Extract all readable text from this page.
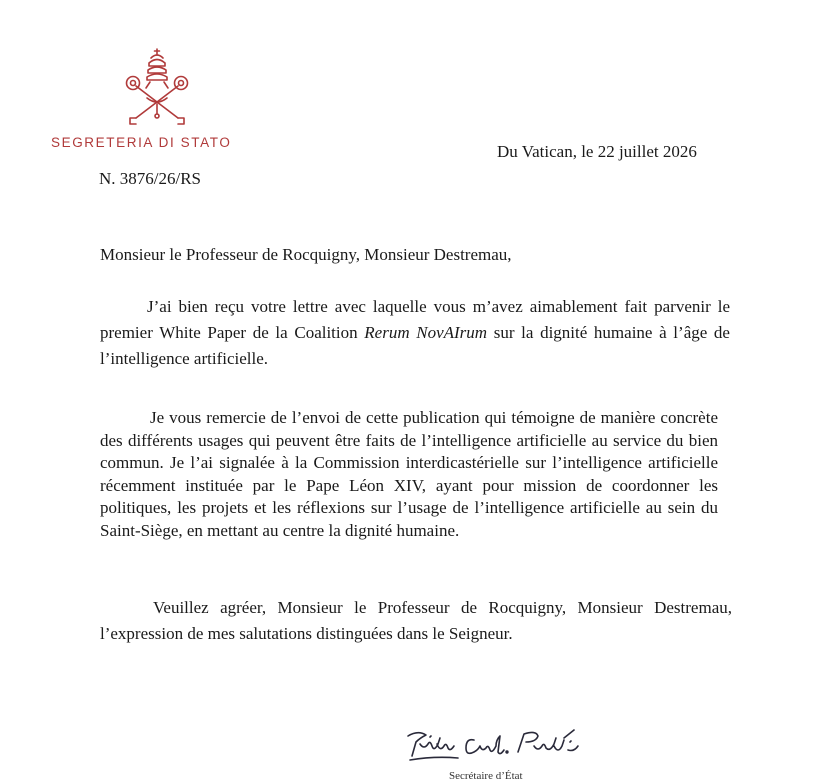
SEGRETERIA DI STATO
N. 3876/26/RS
Du Vatican, le 22 juillet 2026
Monsieur le Professeur de Rocquigny, Monsieur Destremau,

J’ai bien reçu votre lettre avec laquelle vous m’avez aimablement fait parvenir le premier White Paper de la Coalition Rerum NovAIrum sur la dignité humaine à l’âge de l’intelligence artificielle.

Je vous remercie de l’envoi de cette publication qui témoigne de manière concrète des différents usages qui peuvent être faits de l’intelligence artificielle au service du bien commun. Je l’ai signalée à la Commission interdicastérielle sur l’intelligence artificielle récemment instituée par le Pape Léon XIV, ayant pour mission de coordonner les politiques, les projets et les réflexions sur l’usage de l’intelligence artificielle au sein du Saint-Siège, en mettant au centre la dignité humaine.

Veuillez agréer, Monsieur le Professeur de Rocquigny, Monsieur Destremau, l’expression de mes salutations distinguées dans le Seigneur.

Secrétaire d’État
